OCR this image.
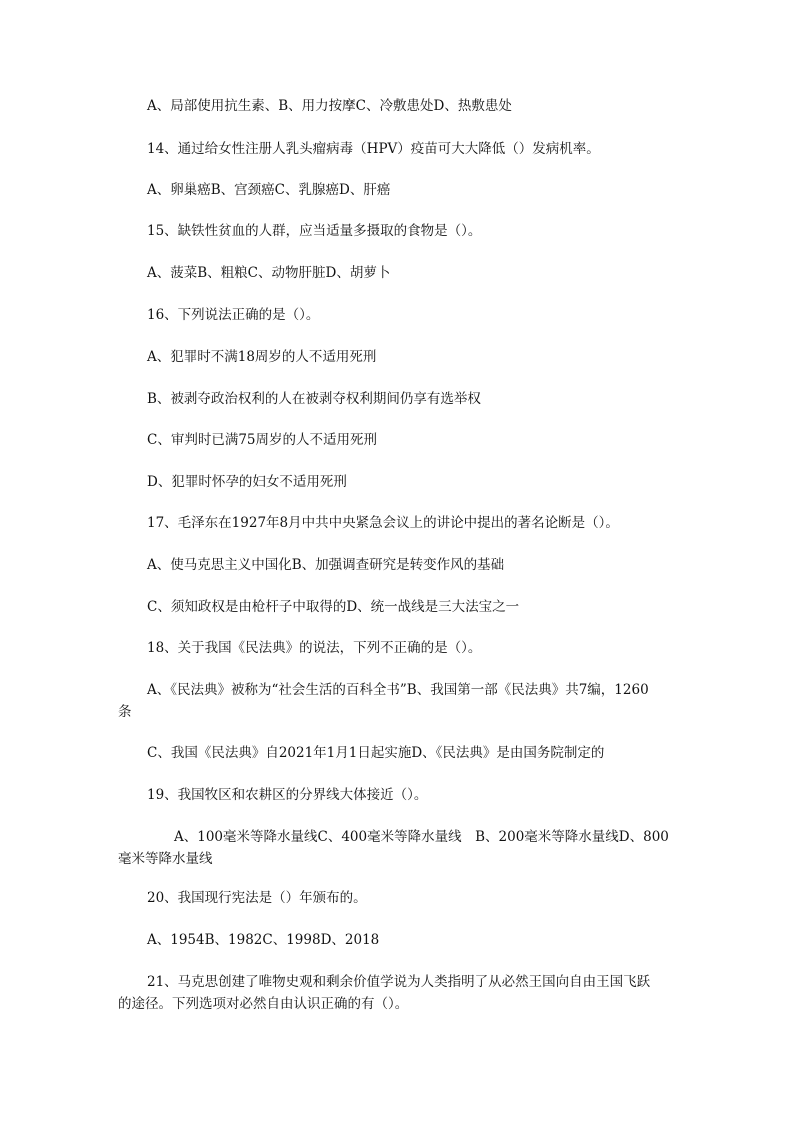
A、局部使用抗生素、B、用力按摩C、冷敷患处D、热敷患处
14、通过给女性注册人乳头瘤病毒（HPV）疫苗可大大降低（）发病机率。
A、卵巢癌B、宫颈癌C、乳腺癌D、肝癌
15、缺铁性贫血的人群，应当适量多摄取的食物是（）。
A、菠菜B、粗粮C、动物肝脏D、胡萝卜
16、下列说法正确的是（）。
A、犯罪时不满18周岁的人不适用死刑
B、被剥夺政治权利的人在被剥夺权利期间仍享有选举权
C、审判时已满75周岁的人不适用死刑
D、犯罪时怀孕的妇女不适用死刑
17、毛泽东在1927年8月中共中央紧急会议上的讲论中提出的著名论断是（）。
A、使马克思主义中国化B、加强调查研究是转变作风的基础
C、须知政权是由枪杆子中取得的D、统一战线是三大法宝之一
18、关于我国《民法典》的说法，下列不正确的是（）。
A、《民法典》被称为“社会生活的百科全书”B、我国第一部《民法典》共7编，1260
条
C、我国《民法典》自2021年1月1日起实施D、《民法典》是由国务院制定的
19、我国牧区和农耕区的分界线大体接近（）。
A、100毫米等降水量线C、400毫米等降水量线　B、200毫米等降水量线D、800
毫米等降水量线
20、我国现行宪法是（）年颁布的。
A、1954B、1982C、1998D、2018
21、马克思创建了唯物史观和剩余价值学说为人类指明了从必然王国向自由王国飞跃
的途径。下列选项对必然自由认识正确的有（）。
